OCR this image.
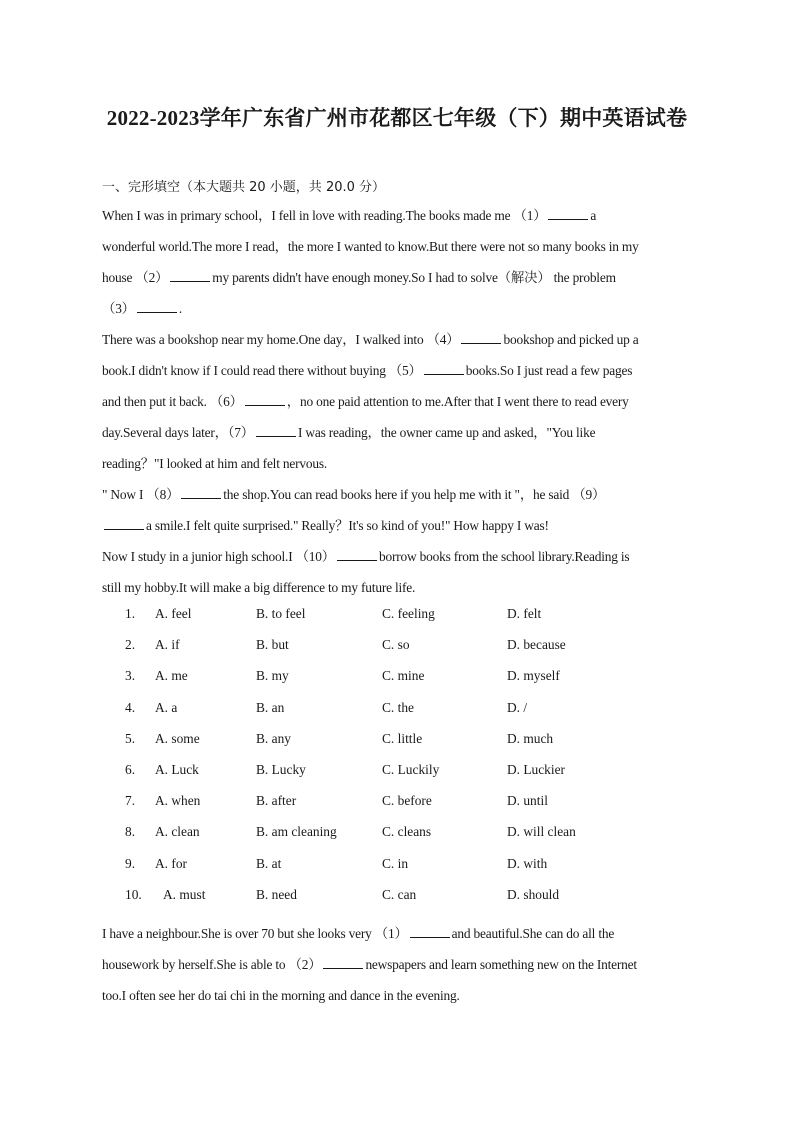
2022-2023学年广东省广州市花都区七年级（下）期中英语试卷
一、完形填空（本大题共 20 小题，共 20.0 分）
When I was in primary school，I fell in love with reading.The books made me （1）	a
wonderful world.The more I read，the more I wanted to know.But there were not so many books in my
house （2）	my parents didn't have enough money.So I had to solve（解决） the problem
（3）	.
There was a bookshop near my home.One day，I walked into （4）	bookshop and picked up a
book.I didn't know if I could read there without buying （5）	books.So I just read a few pages
and then put it back. （6）	，no one paid attention to me.After that I went there to read every
day.Several days later，（7）	I was reading，the owner came up and asked，"You like
reading？"I looked at him and felt nervous.
" Now I （8）	the shop.You can read books here if you help me with it "，he said （9）
a smile.I felt quite surprised." Really？It's so kind of you!" How happy I was!
Now I study in a junior high school.I （10）	borrow books from the school library.Reading is
still my hobby.It will make a big difference to my future life.
1. A. feel	B. to feel	C. feeling	D. felt
2. A. if	B. but	C. so	D. because
3. A. me	B. my	C. mine	D. myself
4. A. a	B. an	C. the	D. /
5. A. some	B. any	C. little	D. much
6. A. Luck	B. Lucky	C. Luckily	D. Luckier
7. A. when	B. after	C. before	D. until
8. A. clean	B. am cleaning	C. cleans	D. will clean
9. A. for	B. at	C. in	D. with
10. A. must	B. need	C. can	D. should
I have a neighbour.She is over 70 but she looks very （1）	and beautiful.She can do all the
housework by herself.She is able to （2）	newspapers and learn something new on the Internet
too.I often see her do tai chi in the morning and dance in the evening.
